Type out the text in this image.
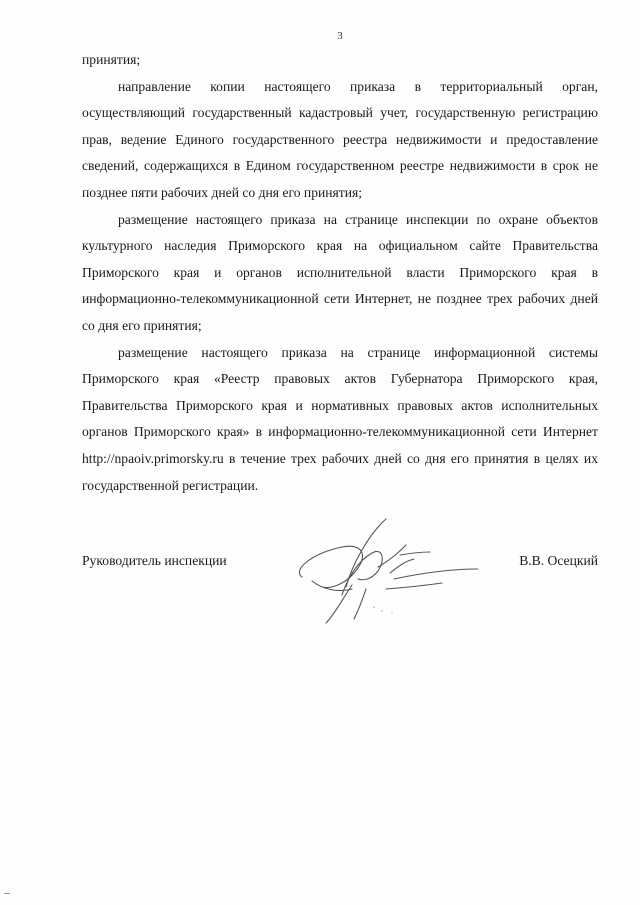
3

принятия;

направление копии настоящего приказа в территориальный орган, осуществляющий государственный кадастровый учет, государственную регистрацию прав, ведение Единого государственного реестра недвижимости и предоставление сведений, содержащихся в Едином государственном реестре недвижимости в срок не позднее пяти рабочих дней со дня его принятия;

размещение настоящего приказа на странице инспекции по охране объектов культурного наследия Приморского края на официальном сайте Правительства Приморского края и органов исполнительной власти Приморского края в информационно-телекоммуникационной сети Интернет, не позднее трех рабочих дней со дня его принятия;

размещение настоящего приказа на странице информационной системы Приморского края «Реестр правовых актов Губернатора Приморского края, Правительства Приморского края и нормативных правовых актов исполнительных органов Приморского края» в информационно-телекоммуникационной сети Интернет http://npaoiv.primorsky.ru в течение трех рабочих дней со дня его принятия в целях их государственной регистрации.

Руководитель инспекции	В.В. Осецкий
